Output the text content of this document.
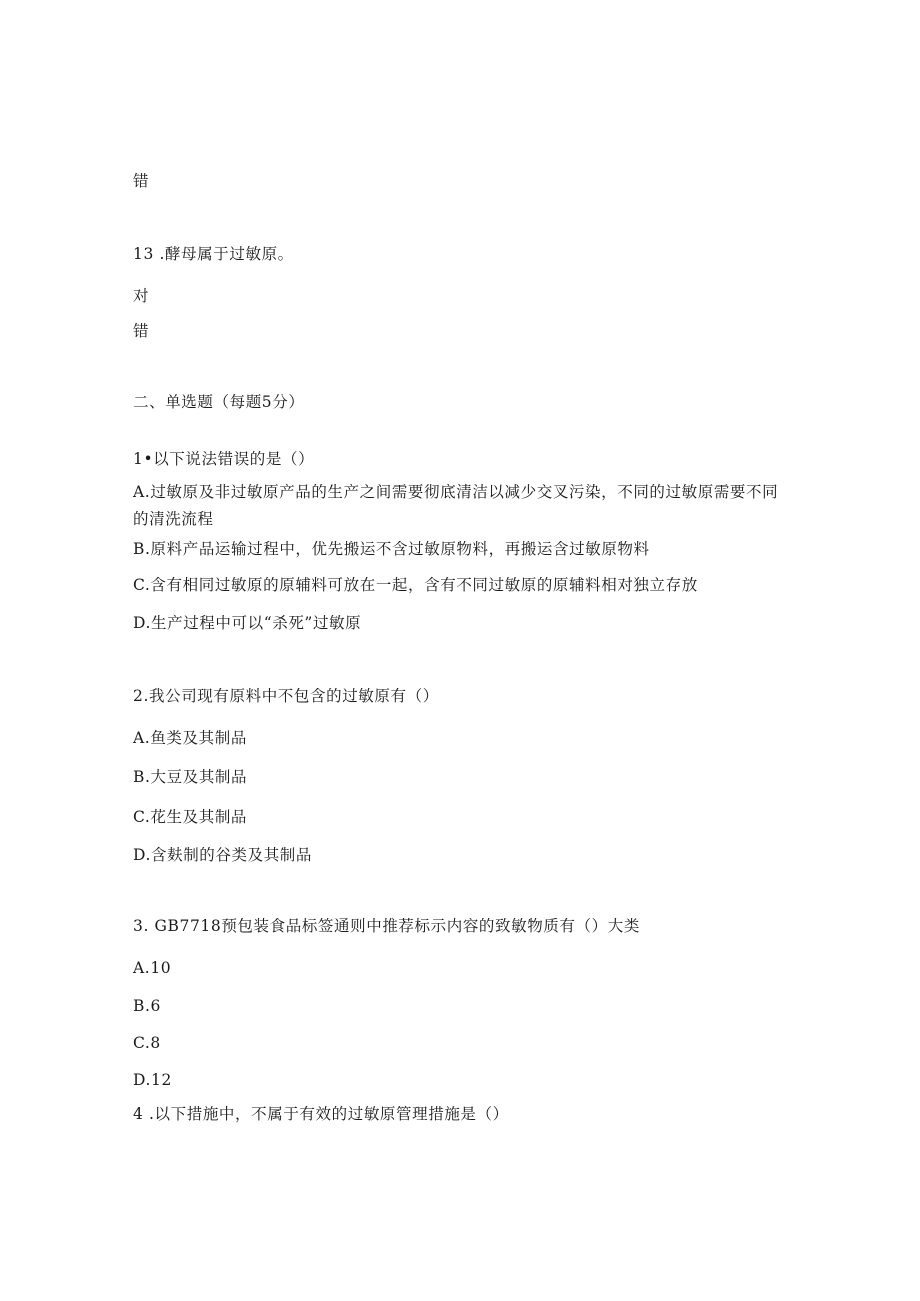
错
13 .酵母属于过敏原。
对
错
二、单选题（每题5分）
1•以下说法错误的是（）
A.过敏原及非过敏原产品的生产之间需要彻底清洁以减少交叉污染，不同的过敏原需要不同的清洗流程
B.原料产品运输过程中，优先搬运不含过敏原物料，再搬运含过敏原物料
C.含有相同过敏原的原辅料可放在一起，含有不同过敏原的原辅料相对独立存放
D.生产过程中可以“杀死”过敏原
2.我公司现有原料中不包含的过敏原有（）
A.鱼类及其制品
B.大豆及其制品
C.花生及其制品
D.含麸制的谷类及其制品
3. GB7718预包装食品标签通则中推荐标示内容的致敏物质有（）大类
A.10
B.6
C.8
D.12
4 .以下措施中，不属于有效的过敏原管理措施是（）
